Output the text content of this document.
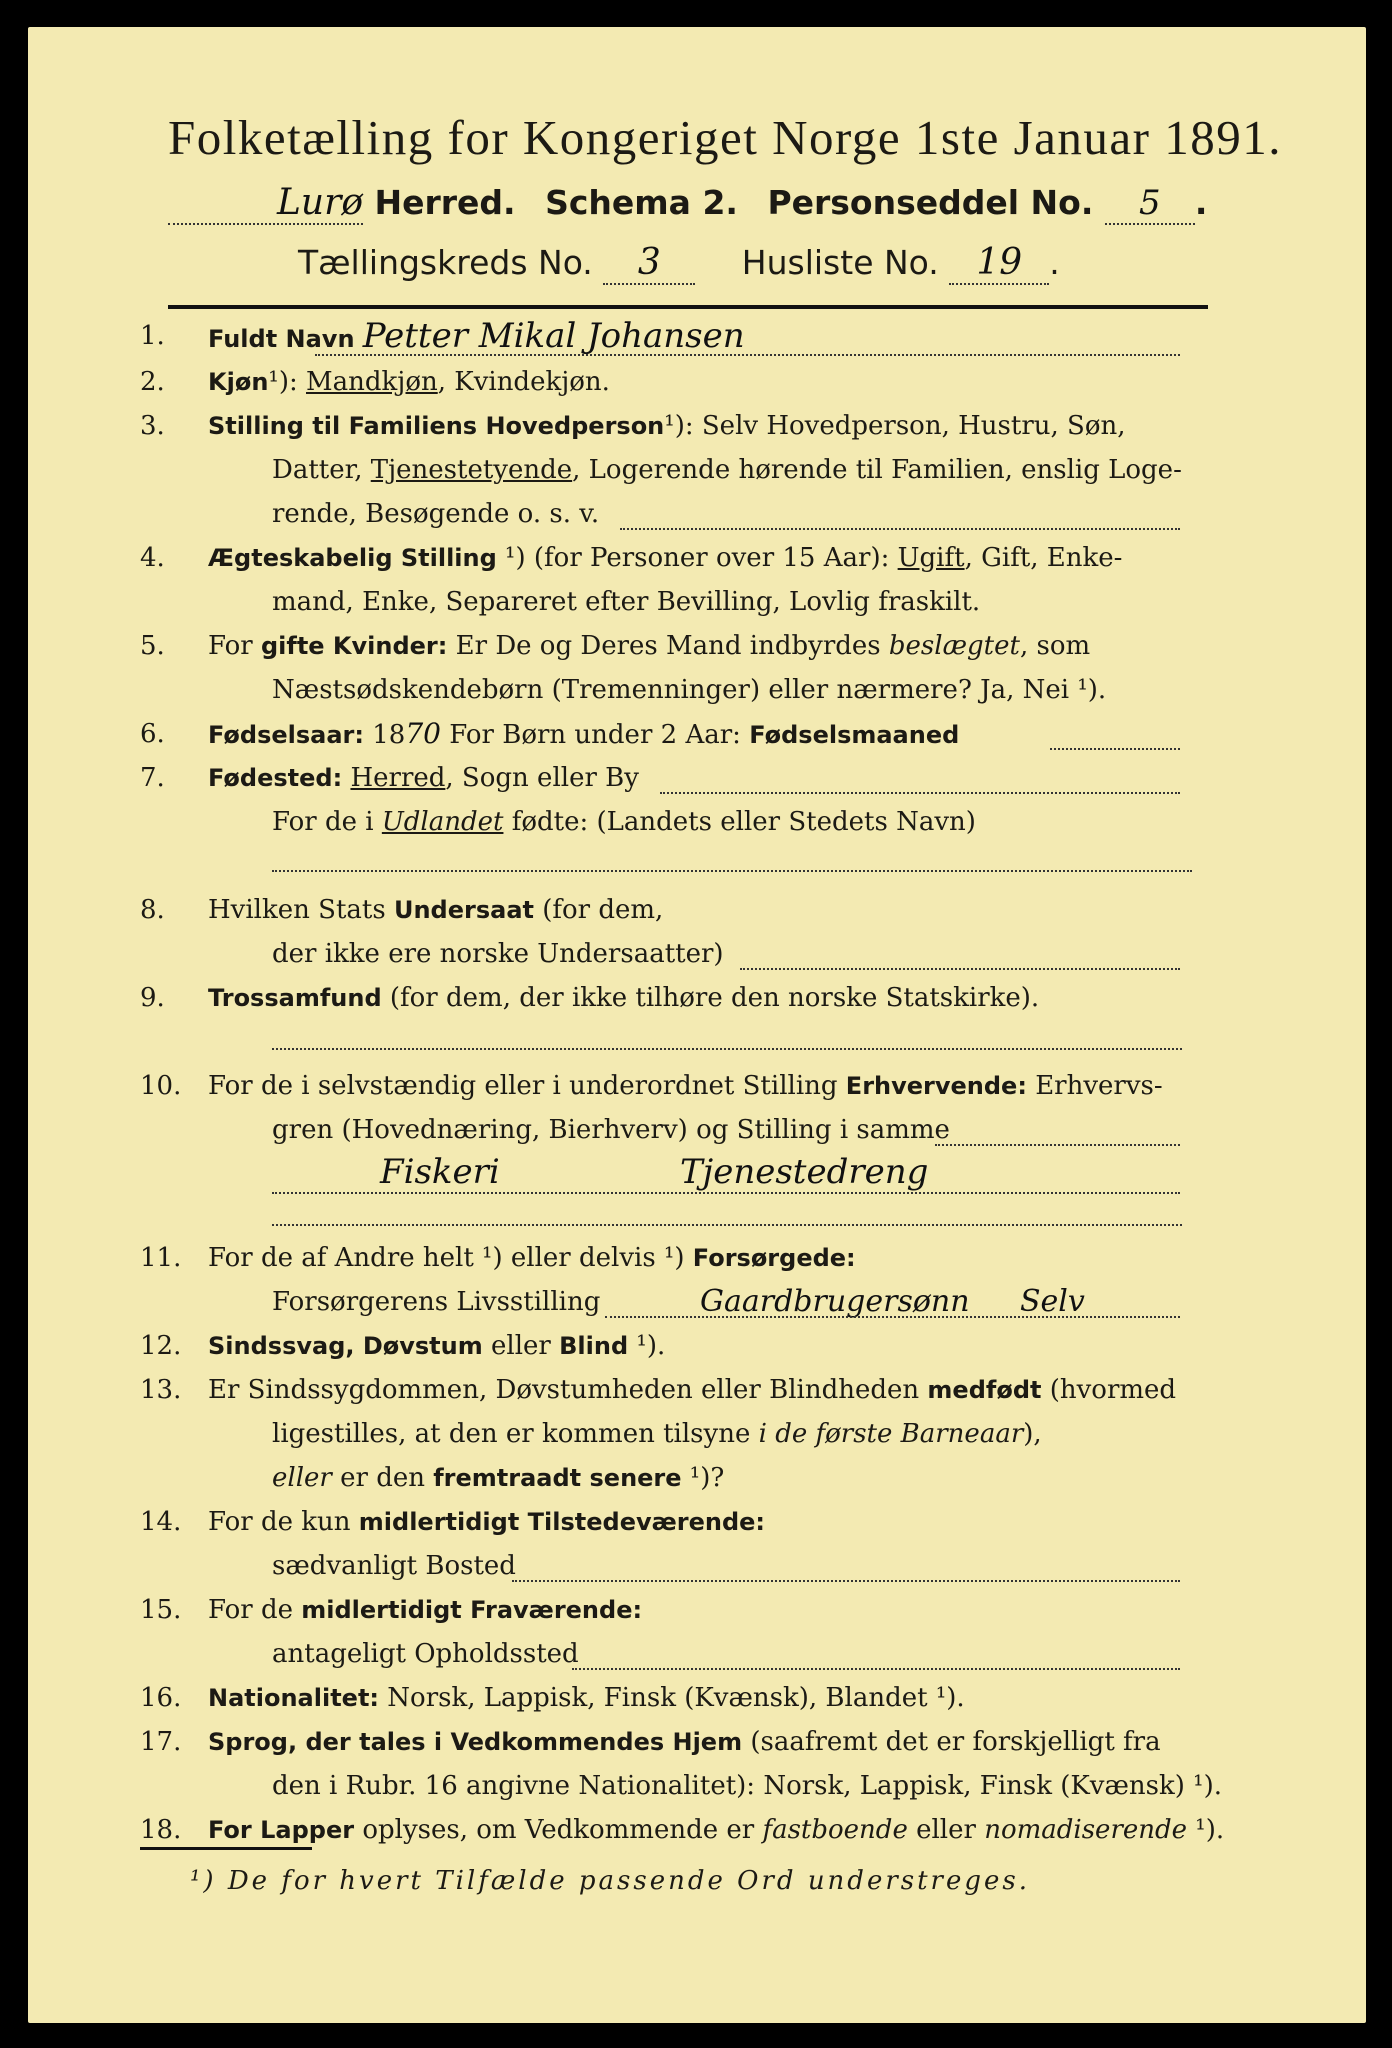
Folketælling for Kongeriget Norge 1ste Januar 1891.
Lurø Herred. Schema 2. Personseddel No. 5 .
Tællingskreds No. 3 Husliste No. 19 .
1.	Fuldt Navn Petter Mikal Johansen
2.	Kjøn¹): Mandkjøn, Kvindekjøn.
3.	Stilling til Familiens Hovedperson¹): Selv Hovedperson, Hustru, Søn,
Datter, Tjenestetyende, Logerende hørende til Familien, enslig Loge-
rende, Besøgende o. s. v.
4.	Ægteskabelig Stilling ¹) (for Personer over 15 Aar): Ugift, Gift, Enke-
mand, Enke, Separeret efter Bevilling, Lovlig fraskilt.
5.	For gifte Kvinder: Er De og Deres Mand indbyrdes beslægtet, som
Næstsødskendebørn (Tremenninger) eller nærmere? Ja, Nei ¹).
6.	Fødselsaar: 1870 For Børn under 2 Aar: Fødselsmaaned
7.	Fødested: Herred, Sogn eller By
For de i Udlandet fødte: (Landets eller Stedets Navn)
8.	Hvilken Stats Undersaat (for dem,
der ikke ere norske Undersaatter)
9.	Trossamfund (for dem, der ikke tilhøre den norske Statskirke).
10.	For de i selvstændig eller i underordnet Stilling Erhvervende: Erhvervs-
gren (Hovednæring, Bierhverv) og Stilling i samme
Fiskeri	Tjenestedreng
11.	For de af Andre helt ¹) eller delvis ¹) Forsørgede:
Forsørgerens Livsstilling	Gaardbrugersønn Selv
12.	Sindssvag, Døvstum eller Blind ¹).
13.	Er Sindssygdommen, Døvstumheden eller Blindheden medfødt (hvormed
ligestilles, at den er kommen tilsyne i de første Barneaar),
eller er den fremtraadt senere ¹)?
14.	For de kun midlertidigt Tilstedeværende:
sædvanligt Bosted
15.	For de midlertidigt Fraværende:
antageligt Opholdssted
16.	Nationalitet: Norsk, Lappisk, Finsk (Kvænsk), Blandet ¹).
17.	Sprog, der tales i Vedkommendes Hjem (saafremt det er forskjelligt fra
den i Rubr. 16 angivne Nationalitet): Norsk, Lappisk, Finsk (Kvænsk) ¹).
18.	For Lapper oplyses, om Vedkommende er fastboende eller nomadiserende ¹).
¹) De for hvert Tilfælde passende Ord understreges.
